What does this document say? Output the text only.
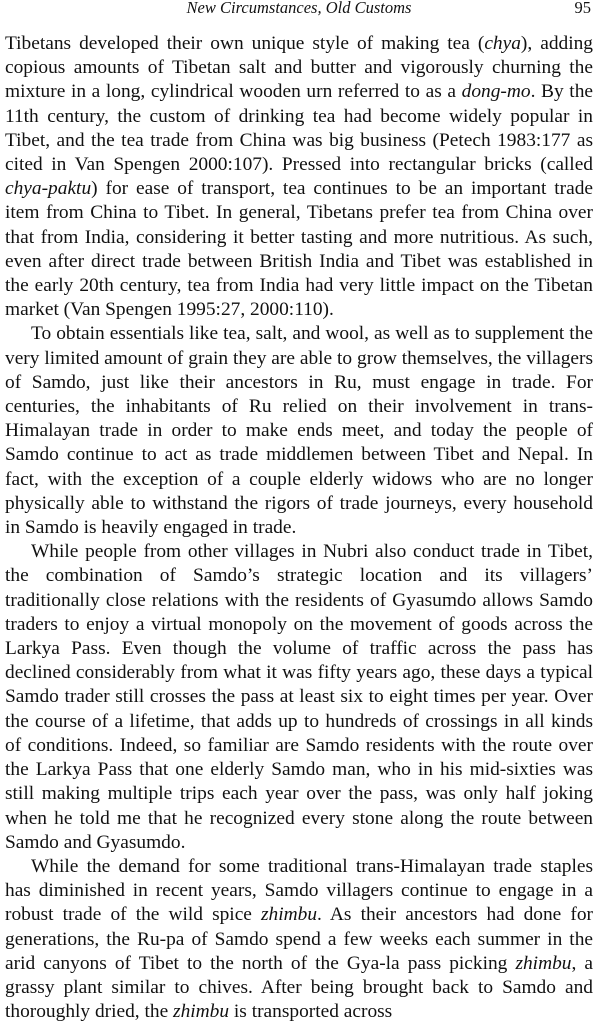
New Circumstances, Old Customs	95

Tibetans developed their own unique style of making tea (chya), adding copious amounts of Tibetan salt and butter and vigorously churning the mixture in a long, cylindrical wooden urn referred to as a dong-mo. By the 11th century, the custom of drinking tea had become widely popular in Tibet, and the tea trade from China was big business (Petech 1983:177 as cited in Van Spengen 2000:107). Pressed into rectangular bricks (called chya-paktu) for ease of transport, tea continues to be an important trade item from China to Tibet. In general, Tibetans prefer tea from China over that from India, considering it better tasting and more nutritious. As such, even after direct trade between British India and Tibet was established in the early 20th century, tea from India had very little impact on the Tibetan market (Van Spengen 1995:27, 2000:110).

To obtain essentials like tea, salt, and wool, as well as to supplement the very limited amount of grain they are able to grow themselves, the villagers of Samdo, just like their ancestors in Ru, must engage in trade. For centuries, the inhabitants of Ru relied on their involvement in trans-Himalayan trade in order to make ends meet, and today the people of Samdo continue to act as trade middlemen between Tibet and Nepal. In fact, with the exception of a couple elderly widows who are no longer physically able to withstand the rigors of trade journeys, every household in Samdo is heavily engaged in trade.

While people from other villages in Nubri also conduct trade in Tibet, the combination of Samdo’s strategic location and its villagers’ traditionally close relations with the residents of Gyasumdo allows Samdo traders to enjoy a virtual monopoly on the movement of goods across the Larkya Pass. Even though the volume of traffic across the pass has declined considerably from what it was fifty years ago, these days a typical Samdo trader still crosses the pass at least six to eight times per year. Over the course of a lifetime, that adds up to hundreds of crossings in all kinds of conditions. Indeed, so familiar are Samdo residents with the route over the Larkya Pass that one elderly Samdo man, who in his mid-sixties was still making multiple trips each year over the pass, was only half joking when he told me that he recognized every stone along the route between Samdo and Gyasumdo.

While the demand for some traditional trans-Himalayan trade staples has diminished in recent years, Samdo villagers continue to engage in a robust trade of the wild spice zhimbu. As their ancestors had done for generations, the Ru-pa of Samdo spend a few weeks each summer in the arid canyons of Tibet to the north of the Gya-la pass picking zhimbu, a grassy plant similar to chives. After being brought back to Samdo and thoroughly dried, the zhimbu is transported across
